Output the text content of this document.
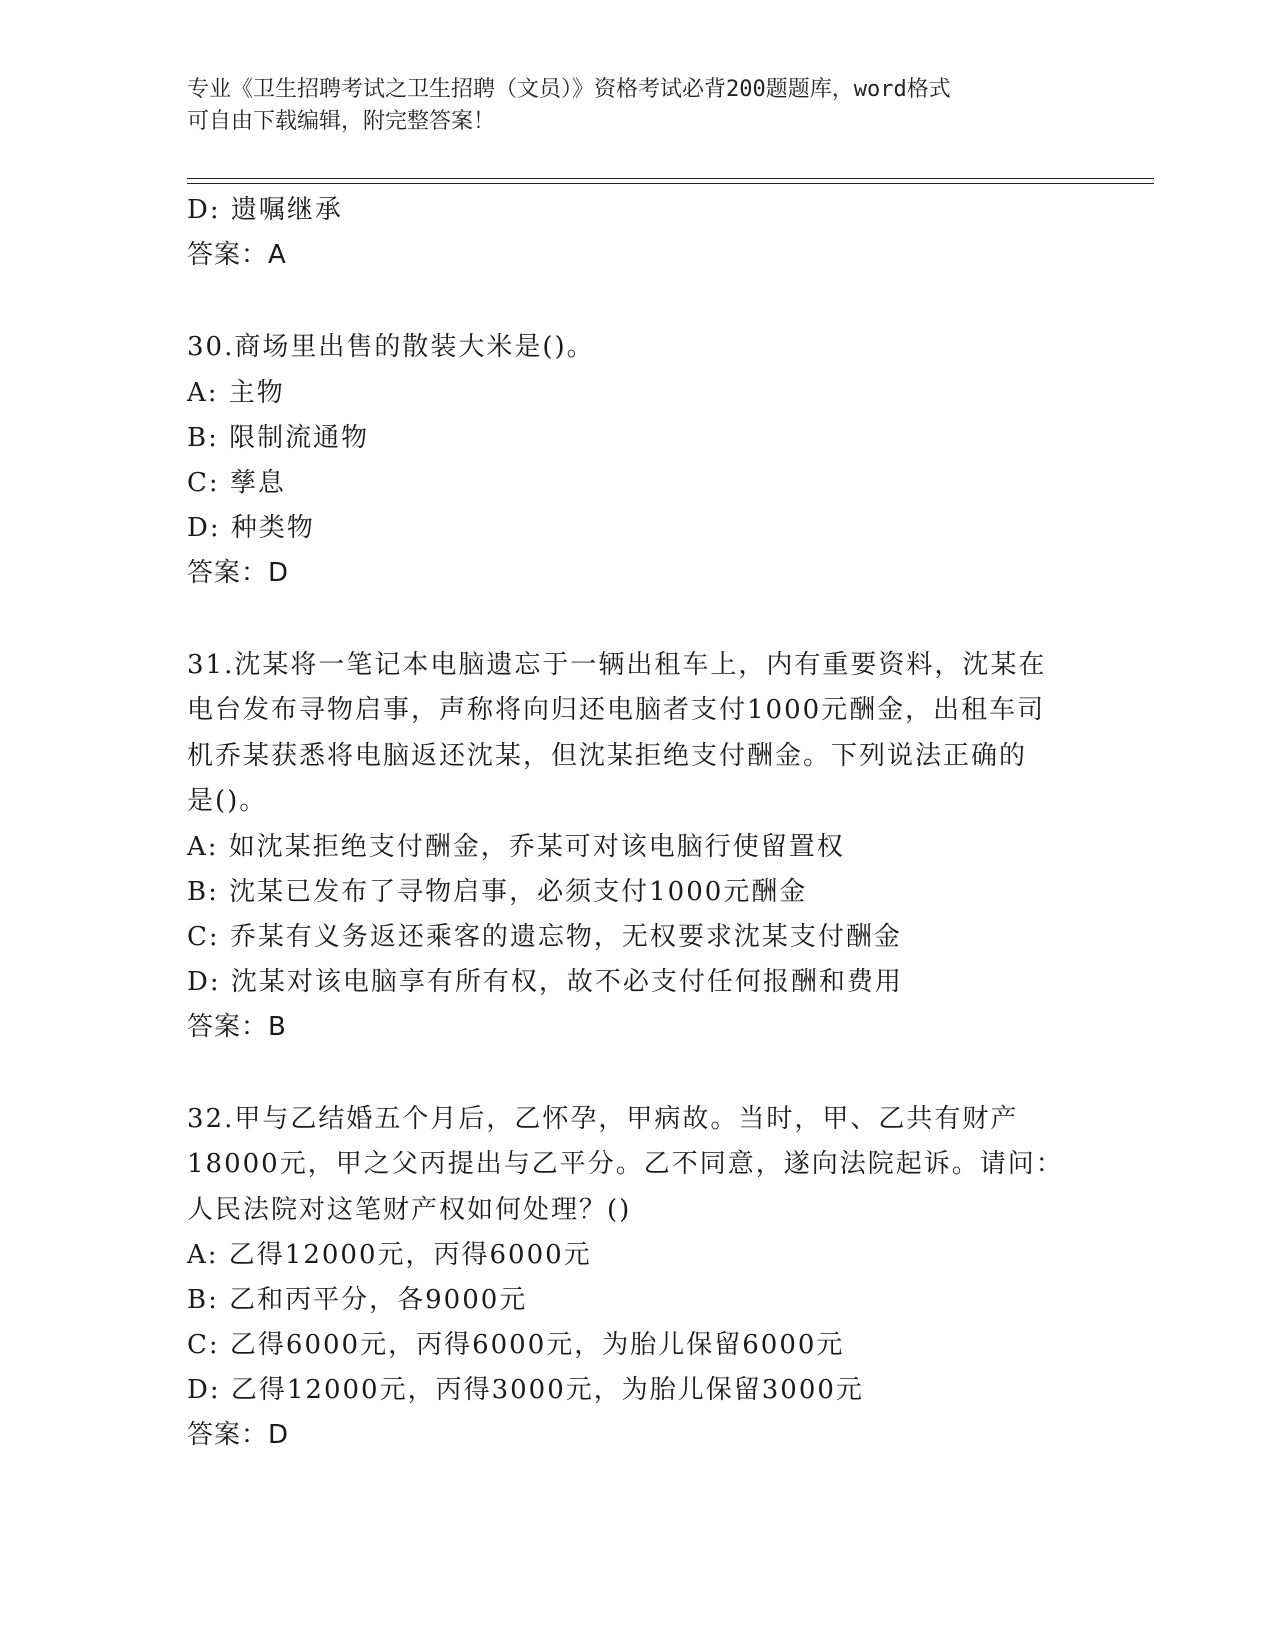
专业《卫生招聘考试之卫生招聘（文员）》资格考试必背200题题库，word格式
可自由下载编辑，附完整答案！
D: 遗嘱继承
答案：A
30.商场里出售的散装大米是()。
A: 主物
B: 限制流通物
C: 孳息
D: 种类物
答案：D
31.沈某将一笔记本电脑遗忘于一辆出租车上，内有重要资料，沈某在
电台发布寻物启事，声称将向归还电脑者支付1000元酬金，出租车司
机乔某获悉将电脑返还沈某，但沈某拒绝支付酬金。下列说法正确的
是()。
A: 如沈某拒绝支付酬金，乔某可对该电脑行使留置权
B: 沈某已发布了寻物启事，必须支付1000元酬金
C: 乔某有义务返还乘客的遗忘物，无权要求沈某支付酬金
D: 沈某对该电脑享有所有权，故不必支付任何报酬和费用
答案：B
32.甲与乙结婚五个月后，乙怀孕，甲病故。当时，甲、乙共有财产
18000元，甲之父丙提出与乙平分。乙不同意，遂向法院起诉。请问：
人民法院对这笔财产权如何处理？()
A: 乙得12000元，丙得6000元
B: 乙和丙平分，各9000元
C: 乙得6000元，丙得6000元，为胎儿保留6000元
D: 乙得12000元，丙得3000元，为胎儿保留3000元
答案：D
